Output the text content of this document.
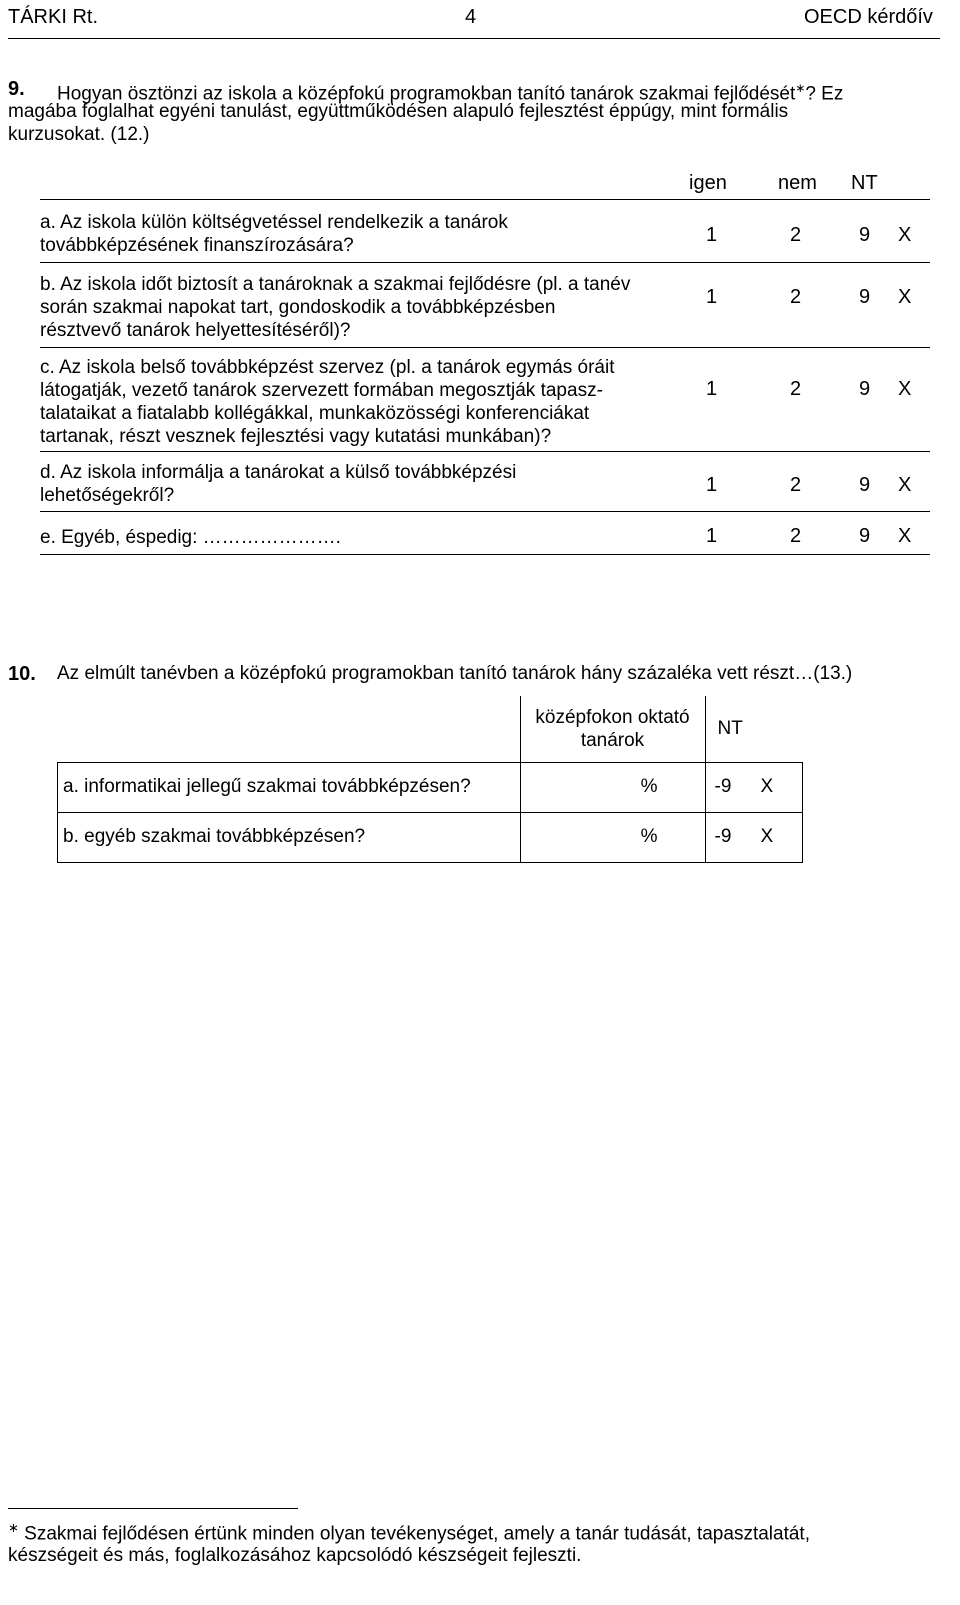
TÁRKI Rt.	4	OECD kérdőív
9. Hogyan ösztönzi az iskola a középfokú programokban tanító tanárok szakmai fejlődését∗? Ez
magába foglalhat egyéni tanulást, együttműködésen alapuló fejlesztést éppúgy, mint formális
kurzusokat. (12.)
igen	nem NT
a. Az iskola külön költségvetéssel rendelkezik a tanárok
továbbképzésének finanszírozására?	1	2	9 X
b. Az iskola időt biztosít a tanároknak a szakmai fejlődésre (pl. a tanév
során szakmai napokat tart, gondoskodik a továbbképzésben
résztvevő tanárok helyettesítéséről)?
1	2	9 X
c. Az iskola belső továbbképzést szervez (pl. a tanárok egymás óráit
látogatják, vezető tanárok szervezett formában megosztják tapasz-
talataikat a fiatalabb kollégákkal, munkaközösségi konferenciákat
tartanak, részt vesznek fejlesztési vagy kutatási munkában)?
1	2	9 X
d. Az iskola informálja a tanárokat a külső továbbképzési
lehetőségekről?	1	2	9 X
e. Egyéb, éspedig: ………………….	1	2	9 X
10. Az elmúlt tanévben a középfokú programokban tanító tanárok hány százaléka vett részt…(13.)

	középfokon oktató
tanárok	NT
a. informatikai jellegű szakmai továbbképzésen?	%	-9 X
b. egyéb szakmai továbbképzésen?	%	-9 X
∗ Szakmai fejlődésen értünk minden olyan tevékenységet, amely a tanár tudását, tapasztalatát,
készségeit és más, foglalkozásához kapcsolódó készségeit fejleszti.
